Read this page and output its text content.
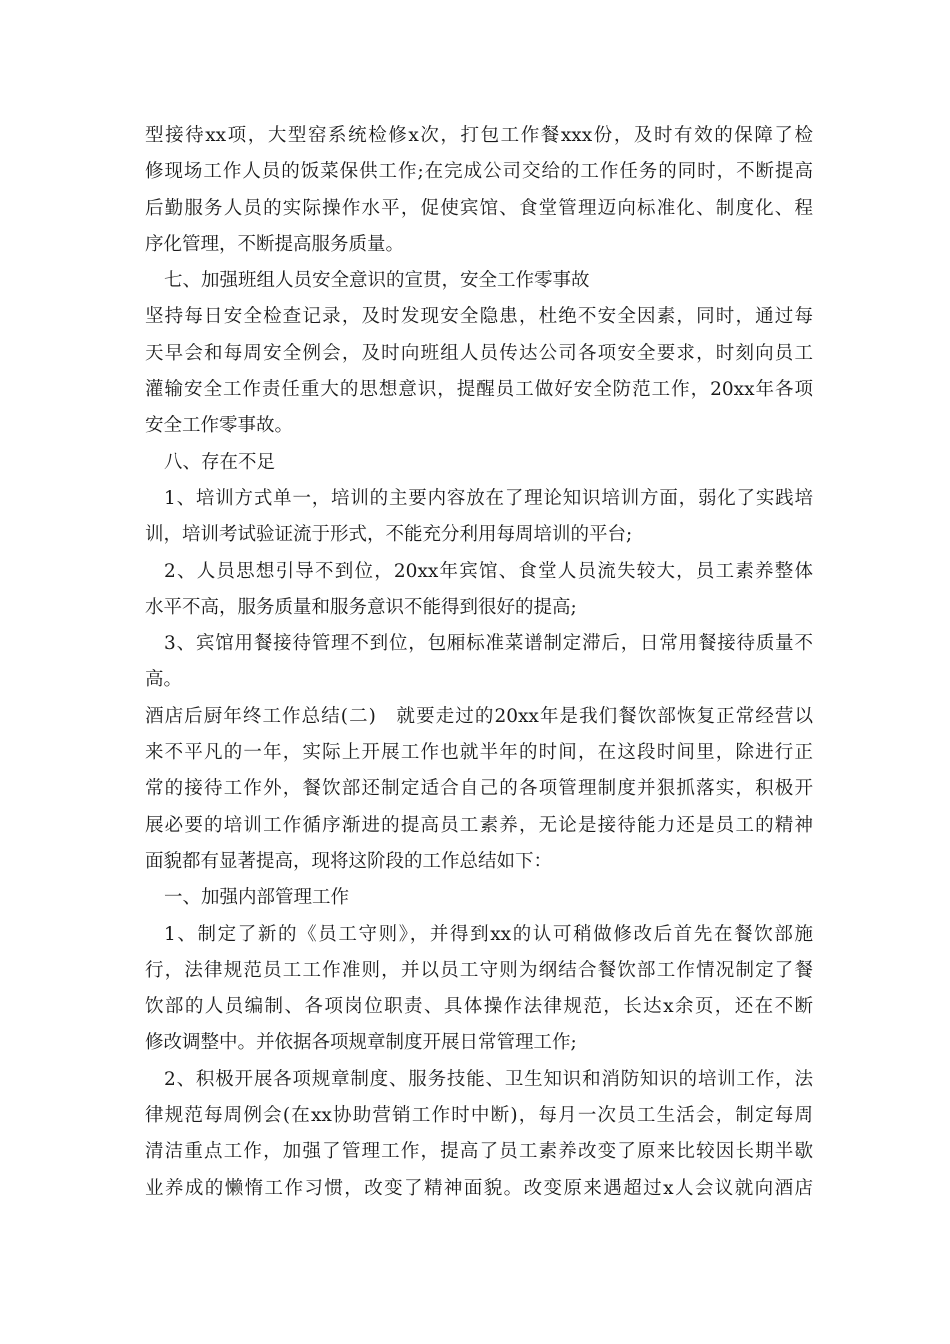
型接待xx项，大型窑系统检修x次，打包工作餐xxx份，及时有效的保障了检
修现场工作人员的饭菜保供工作;在完成公司交给的工作任务的同时，不断提高
后勤服务人员的实际操作水平，促使宾馆、食堂管理迈向标准化、制度化、程
序化管理，不断提高服务质量。
七、加强班组人员安全意识的宣贯，安全工作零事故
坚持每日安全检查记录，及时发现安全隐患，杜绝不安全因素，同时，通过每
天早会和每周安全例会，及时向班组人员传达公司各项安全要求，时刻向员工
灌输安全工作责任重大的思想意识，提醒员工做好安全防范工作，20xx年各项
安全工作零事故。
八、存在不足
1、培训方式单一，培训的主要内容放在了理论知识培训方面，弱化了实践培
训，培训考试验证流于形式，不能充分利用每周培训的平台;
2、人员思想引导不到位，20xx年宾馆、食堂人员流失较大，员工素养整体
水平不高，服务质量和服务意识不能得到很好的提高;
3、宾馆用餐接待管理不到位，包厢标准菜谱制定滞后，日常用餐接待质量不
高。
酒店后厨年终工作总结(二)　就要走过的20xx年是我们餐饮部恢复正常经营以
来不平凡的一年，实际上开展工作也就半年的时间，在这段时间里，除进行正
常的接待工作外，餐饮部还制定适合自己的各项管理制度并狠抓落实，积极开
展必要的培训工作循序渐进的提高员工素养，无论是接待能力还是员工的精神
面貌都有显著提高，现将这阶段的工作总结如下：
一、加强内部管理工作
1、制定了新的《员工守则》，并得到xx的认可稍做修改后首先在餐饮部施
行，法律规范员工工作准则，并以员工守则为纲结合餐饮部工作情况制定了餐
饮部的人员编制、各项岗位职责、具体操作法律规范，长达x余页，还在不断
修改调整中。并依据各项规章制度开展日常管理工作;
2、积极开展各项规章制度、服务技能、卫生知识和消防知识的培训工作，法
律规范每周例会(在xx协助营销工作时中断)，每月一次员工生活会，制定每周
清洁重点工作，加强了管理工作，提高了员工素养改变了原来比较因长期半歇
业养成的懒惰工作习惯，改变了精神面貌。改变原来遇超过x人会议就向酒店
